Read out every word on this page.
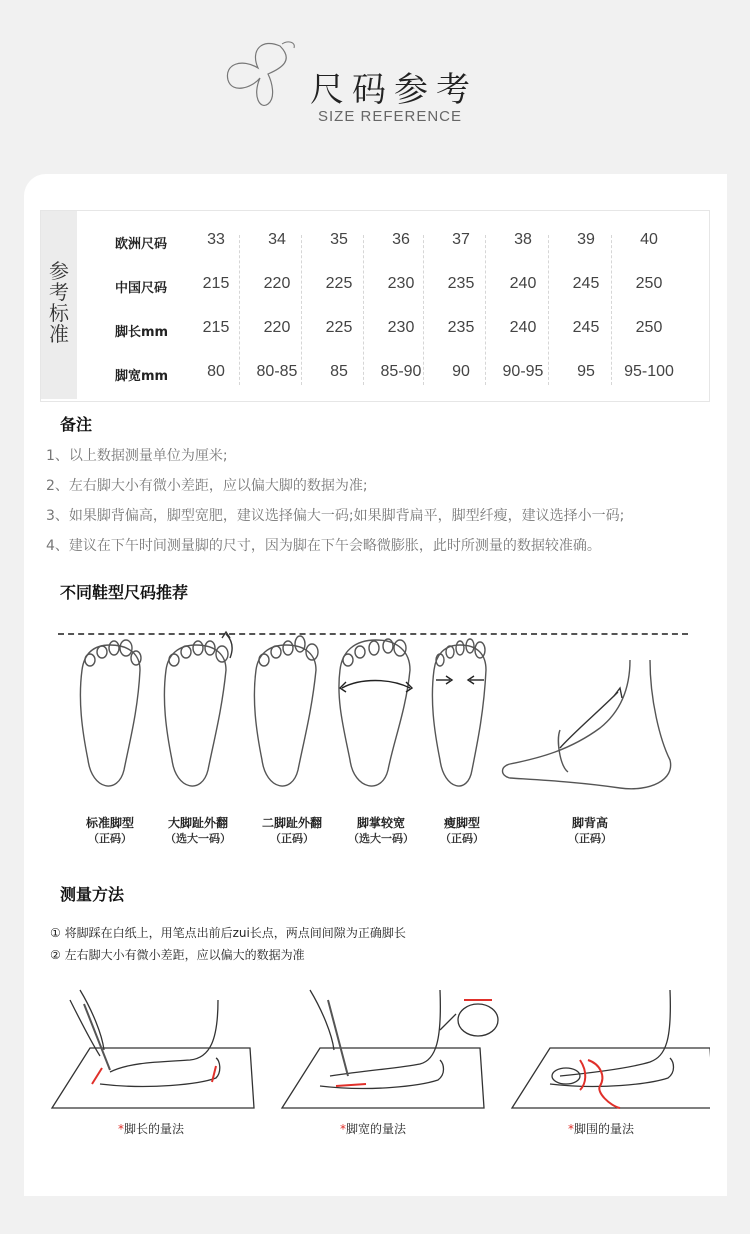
尺码参考
SIZE REFERENCE
参考标准
欧洲尺码	33	34	35	36	37	38	39	40
中国尺码	215	220	225	230	235	240	245	250
脚长mm	215	220	225	230	235	240	245	250
脚宽mm	80	80-85	85	85-90	90	90-95	95	95-100
备注
1、以上数据测量单位为厘米;
2、左右脚大小有微小差距，应以偏大脚的数据为准;
3、如果脚背偏高，脚型宽肥，建议选择偏大一码;如果脚背扁平，脚型纤瘦，建议选择小一码;
4、建议在下午时间测量脚的尺寸，因为脚在下午会略微膨胀，此时所测量的数据较准确。
不同鞋型尺码推荐
标准脚型
（正码）
大脚趾外翻
（选大一码）
二脚趾外翻
（正码）
脚掌较宽
（选大一码）
瘦脚型
（正码）
脚背高
（正码）
测量方法
① 将脚踩在白纸上，用笔点出前后zui长点，两点间间隙为正确脚长
② 左右脚大小有微小差距，应以偏大的数据为准
*脚长的量法	*脚宽的量法	*脚围的量法
